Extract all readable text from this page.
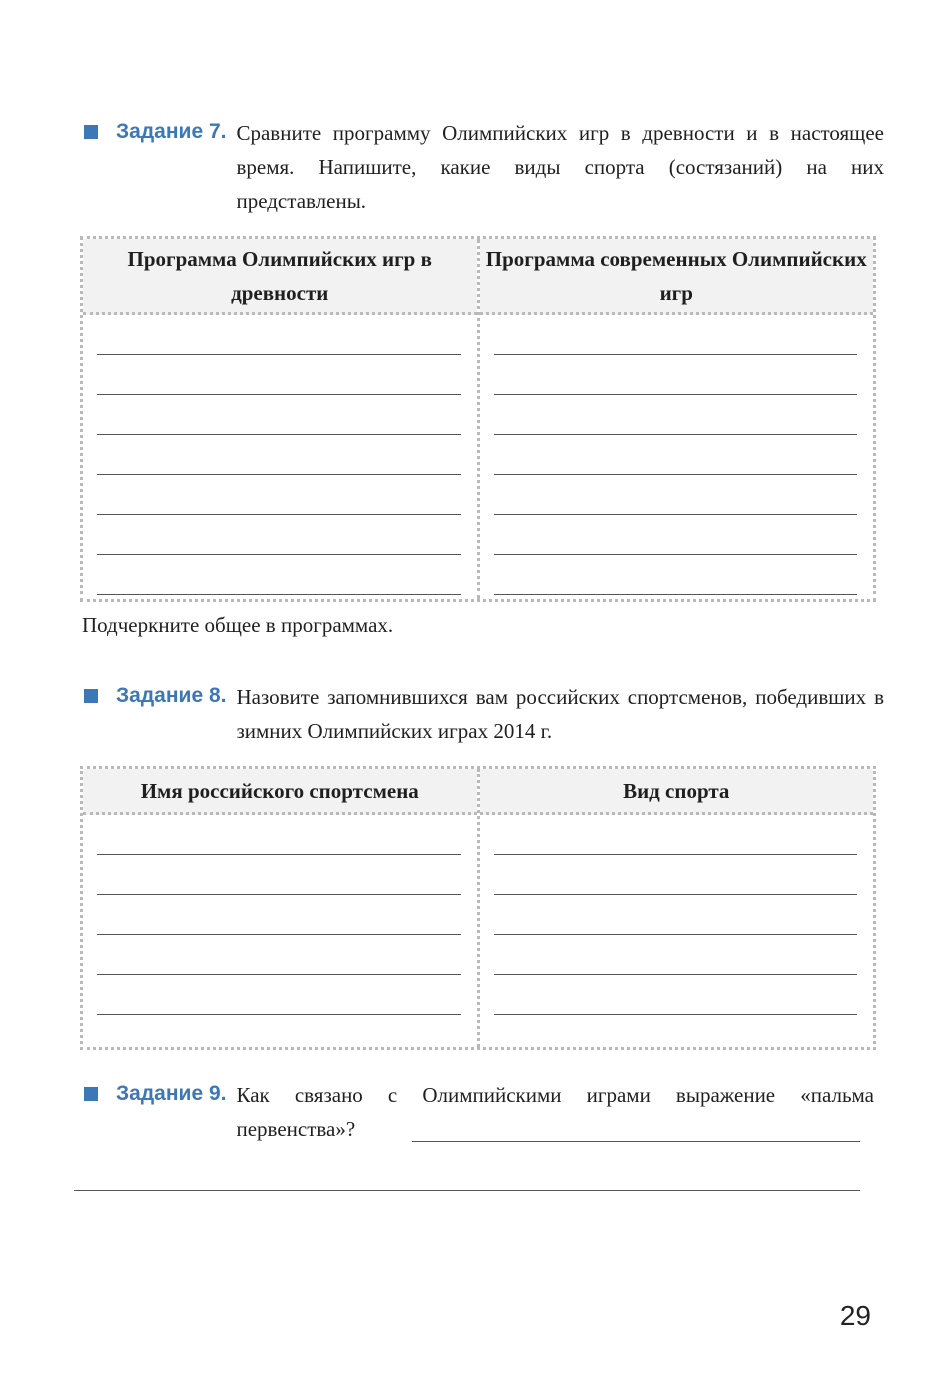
Задание 7. Сравните программу Олимпийских игр в древности и в настоящее время. Напишите, какие виды спорта (состязаний) на них представлены.
Программа Олимпийских игр в древности
Программа современных Олимпийских игр
Подчеркните общее в программах.
Задание 8. Назовите запомнившихся вам российских спортсменов, победивших в зимних Олимпийских играх 2014 г.
Имя российского спортсмена	Вид спорта
Задание 9. Как связано с Олимпийскими играми выражение «пальма первенства»?
29
